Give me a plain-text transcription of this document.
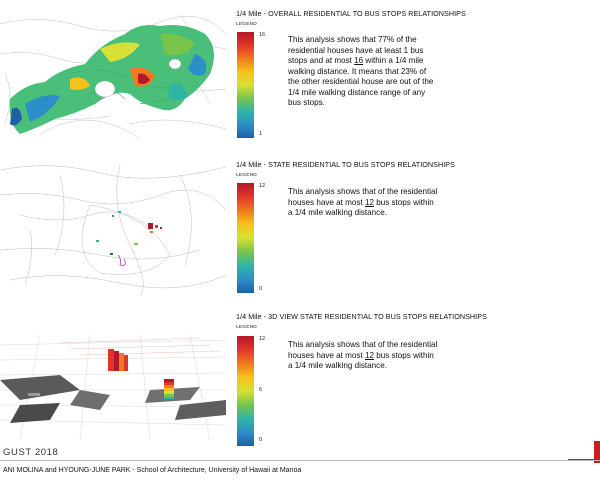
1/4 Mile - OVERALL RESIDENTIAL TO BUS STOPS RELATIONSHIPS
LEGEND
16
1
This analysis shows that 77% of the residential houses have at least 1 bus stops and at most 16 within a 1/4 mile walking distance. It means that 23% of the other residential house are out of the 1/4 mile walking distance range of any bus stops.
1/4 Mile - STATE RESIDENTIAL TO BUS STOPS RELATIONSHIPS
LEGEND
12
0
This analysis shows that of the residential houses have at most 12 bus stops within a 1/4 mile walking distance.
1/4 Mile - 3D VIEW STATE RESIDENTIAL TO BUS STOPS RELATIONSHIPS
LEGEND
12
6
0
This analysis shows that of the residential houses have at most 12 bus stops within a 1/4 mile walking distance.
GUST 2018
ANI MOLINA and HYOUNG-JUNE PARK - School of Architecture, University of Hawaii at Manoa
